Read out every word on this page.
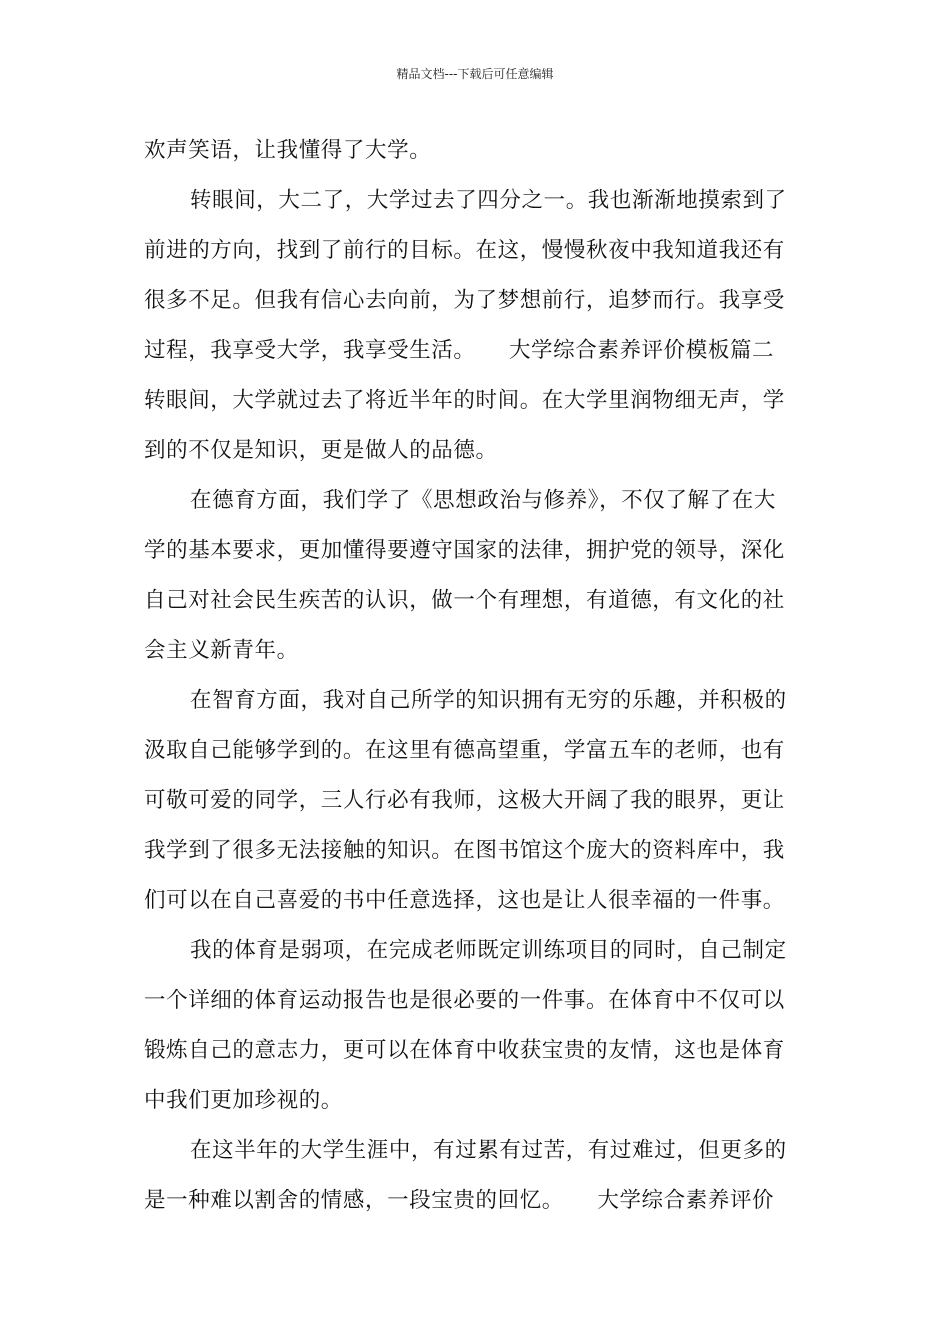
精品文档---下载后可任意编辑
欢声笑语，让我懂得了大学。
转眼间，大二了，大学过去了四分之一。我也渐渐地摸索到了
前进的方向，找到了前行的目标。在这，慢慢秋夜中我知道我还有
很多不足。但我有信心去向前，为了梦想前行，追梦而行。我享受
过程，我享受大学，我享受生活。　　大学综合素养评价模板篇二
转眼间，大学就过去了将近半年的时间。在大学里润物细无声，学
到的不仅是知识，更是做人的品德。
在德育方面，我们学了《思想政治与修养》，不仅了解了在大
学的基本要求，更加懂得要遵守国家的法律，拥护党的领导，深化
自己对社会民生疾苦的认识，做一个有理想，有道德，有文化的社
会主义新青年。
在智育方面，我对自己所学的知识拥有无穷的乐趣，并积极的
汲取自己能够学到的。在这里有德高望重，学富五车的老师，也有
可敬可爱的同学，三人行必有我师，这极大开阔了我的眼界，更让
我学到了很多无法接触的知识。在图书馆这个庞大的资料库中，我
们可以在自己喜爱的书中任意选择，这也是让人很幸福的一件事。
我的体育是弱项，在完成老师既定训练项目的同时，自己制定
一个详细的体育运动报告也是很必要的一件事。在体育中不仅可以
锻炼自己的意志力，更可以在体育中收获宝贵的友情，这也是体育
中我们更加珍视的。
在这半年的大学生涯中，有过累有过苦，有过难过，但更多的
是一种难以割舍的情感，一段宝贵的回忆。　　大学综合素养评价
